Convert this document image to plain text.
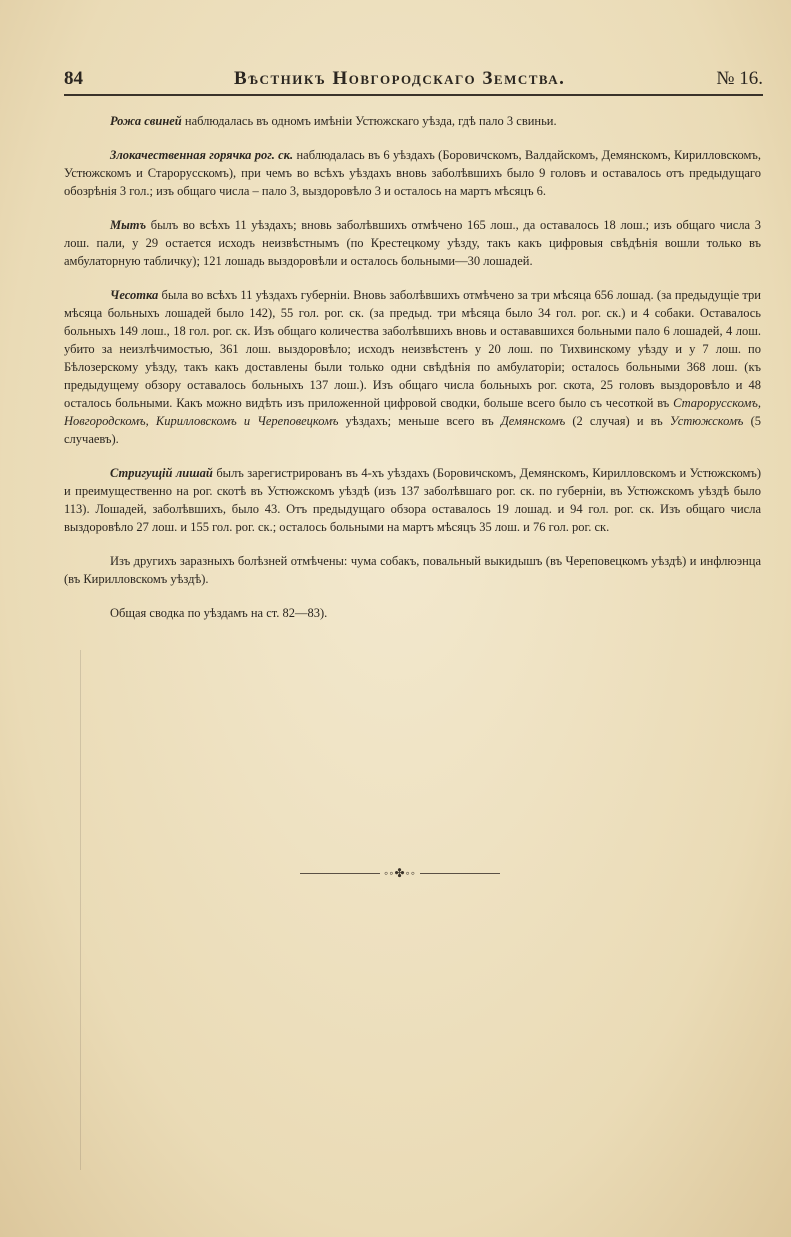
84	Вѣстникъ Новгородскаго Земства.	№ 16.

Рожа свиней наблюдалась въ одномъ имѣніи Устюжскаго уѣзда, гдѣ пало 3 свиньи.

Злокачественная горячка рог. ск. наблюдалась въ 6 уѣздахъ (Боровичскомъ, Валдайскомъ, Демянскомъ, Кирилловскомъ, Устюжскомъ и Старорусскомъ), при чемъ во всѣхъ уѣздахъ вновь заболѣвшихъ было 9 головъ и оставалось отъ предыдущаго обозрѣнія 3 гол.; изъ общаго числа – пало 3, выздоровѣло 3 и осталось на мартъ мѣсяцъ 6.

Мытъ былъ во всѣхъ 11 уѣздахъ; вновь заболѣвшихъ отмѣчено 165 лош., да оставалось 18 лош.; изъ общаго числа 3 лош. пали, у 29 остается исходъ неизвѣстнымъ (по Крестецкому уѣзду, такъ какъ цифровыя свѣдѣнія вошли только въ амбулаторную табличку); 121 лошадь выздоровѣли и осталось больными—30 лошадей.

Чесотка была во всѣхъ 11 уѣздахъ губерніи. Вновь заболѣвшихъ отмѣчено за три мѣсяца 656 лошад. (за предыдущіе три мѣсяца больныхъ лошадей было 142), 55 гол. рог. ск. (за предыд. три мѣсяца было 34 гол. рог. ск.) и 4 собаки. Оставалось больныхъ 149 лош., 18 гол. рог. ск. Изъ общаго количества заболѣвшихъ вновь и остававшихся больными пало 6 лошадей, 4 лош. убито за неизлѣчимостью, 361 лош. выздоровѣло; исходъ неизвѣстенъ у 20 лош. по Тихвинскому уѣзду и у 7 лош. по Бѣлозерскому уѣзду, такъ какъ доставлены были только одни свѣдѣнія по амбулаторіи; осталось больными 368 лош. (къ предыдущему обзору оставалось больныхъ 137 лош.). Изъ общаго числа больныхъ рог. скота, 25 головъ выздоровѣло и 48 осталось больными. Какъ можно видѣть изъ приложенной цифровой сводки, больше всего было съ чесоткой въ Старорусскомъ, Новгородскомъ, Кирилловскомъ и Череповецкомъ уѣздахъ; меньше всего въ Демянскомъ (2 случая) и въ Устюжскомъ (5 случаевъ).

Стригущій лишай былъ зарегистрированъ въ 4-хъ уѣздахъ (Боровичскомъ, Демянскомъ, Кирилловскомъ и Устюжскомъ) и преимущественно на рог. скотѣ въ Устюжскомъ уѣздѣ (изъ 137 заболѣвшаго рог. ск. по губерніи, въ Устюжскомъ уѣздѣ было 113). Лошадей, заболѣвшихъ, было 43. Отъ предыдущаго обзора оставалось 19 лошад. и 94 гол. рог. ск. Изъ общаго числа выздоровѣло 27 лош. и 155 гол. рог. ск.; осталось больными на мартъ мѣсяцъ 35 лош. и 76 гол. рог. ск.

Изъ другихъ заразныхъ болѣзней отмѣчены: чума собакъ, повальный выкидышъ (въ Череповецкомъ уѣздѣ) и инфлюэнца (въ Кирилловскомъ уѣздѣ).

Общая сводка по уѣздамъ на ст. 82—83).

◦◦✤◦◦
